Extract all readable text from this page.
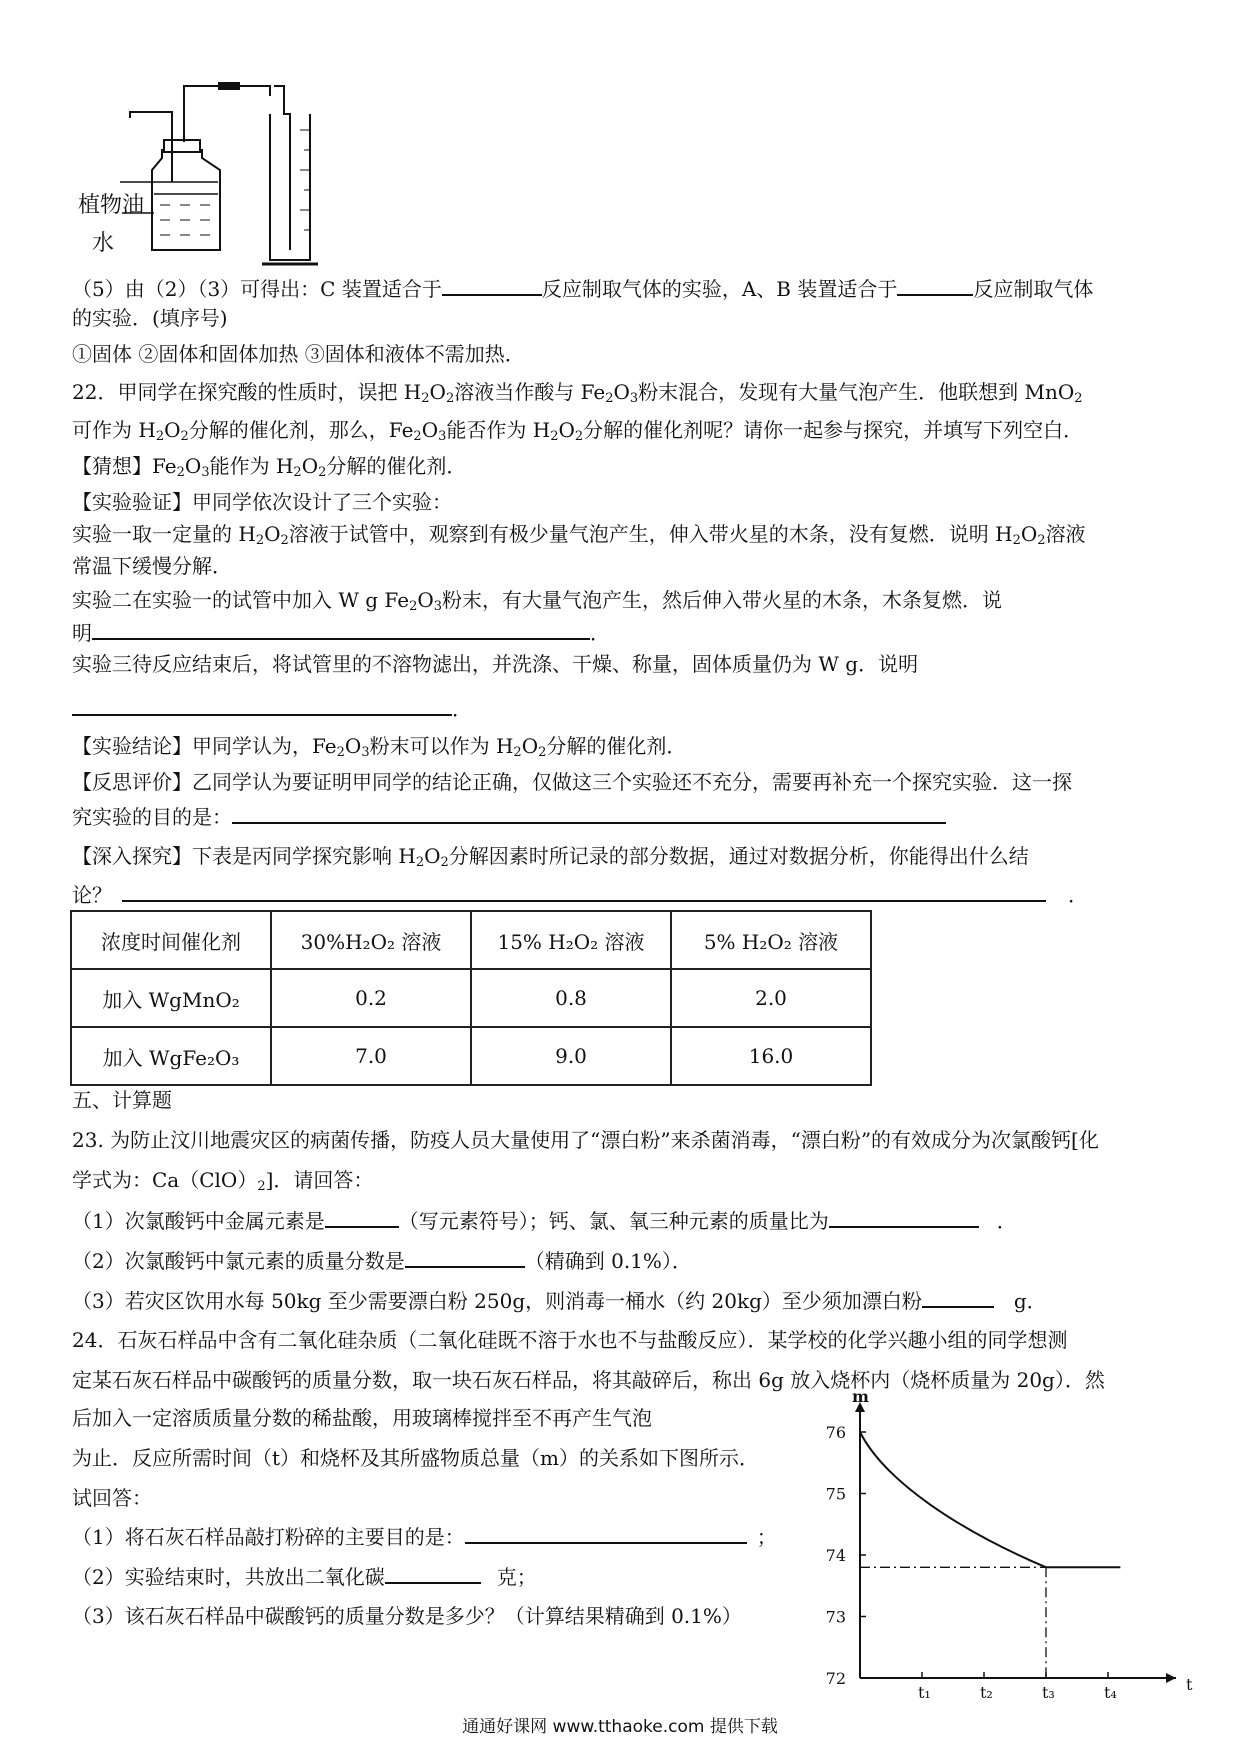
植物油
水
（5）由（2）（3）可得出：C 装置适合于	反应制取气体的实验，A、B 装置适合于	反应制取气体
的实验．(填序号)
①固体 ②固体和固体加热 ③固体和液体不需加热．
22．甲同学在探究酸的性质时，误把 $H_2O_2$溶液当作酸与 $Fe_2O_3$粉末混合，发现有大量气泡产生．他联想到 MnO$_2$
可作为 $H_2O_2$分解的催化剂，那么，$Fe_2O_3$能否作为 $H_2O_2$分解的催化剂呢？请你一起参与探究，并填写下列空白．
【猜想】$Fe_2O_3$能作为 $H_2O_2$分解的催化剂．
【实验验证】甲同学依次设计了三个实验：
实验一取一定量的 $H_2O_2$溶液于试管中，观察到有极少量气泡产生，伸入带火星的木条，没有复燃．说明 $H_2O_2$溶液
常温下缓慢分解．
实验二在实验一的试管中加入 W g $Fe_2O_3$粉末，有大量气泡产生，然后伸入带火星的木条，木条复燃．说
明	．
实验三待反应结束后，将试管里的不溶物滤出，并洗涤、干燥、称量，固体质量仍为 W g．说明
．
【实验结论】甲同学认为，$Fe_2O_3$粉末可以作为 $H_2O_2$分解的催化剂．
【反思评价】乙同学认为要证明甲同学的结论正确，仅做这三个实验还不充分，需要再补充一个探究实验．这一探
究实验的目的是：
【深入探究】下表是丙同学探究影响 $H_2O_2$分解因素时所记录的部分数据，通过对数据分析，你能得出什么结
论？	．
浓度时间催化剂	30%H₂O₂ 溶液	15% H₂O₂ 溶液	5% H₂O₂ 溶液
加入 WgMnO₂	0.2	0.8	2.0
加入 WgFe₂O₃	7.0	9.0	16.0
五、计算题
23. 为防止汶川地震灾区的病菌传播，防疫人员大量使用了“漂白粉”来杀菌消毒，“漂白粉”的有效成分为次氯酸钙[化
学式为：$Ca(ClO)_2$]．请回答：
（1）次氯酸钙中金属元素是	（写元素符号）；钙、氯、氧三种元素的质量比为	．
（2）次氯酸钙中氯元素的质量分数是	（精确到 0.1%）．
（3）若灾区饮用水每 50kg 至少需要漂白粉 250g，则消毒一桶水（约 20kg）至少须加漂白粉	g．
24．石灰石样品中含有二氧化硅杂质（二氧化硅既不溶于水也不与盐酸反应）．某学校的化学兴趣小组的同学想测
定某石灰石样品中碳酸钙的质量分数，取一块石灰石样品，将其敲碎后，称出 6g 放入烧杯内（烧杯质量为 20g）．然
后加入一定溶质质量分数的稀盐酸，用玻璃棒搅拌至不再产生气泡
为止．反应所需时间（t）和烧杯及其所盛物质总量（m）的关系如下图所示．
试回答：
（1）将石灰石样品敲打粉碎的主要目的是：	；
（2）实验结束时，共放出二氧化碳	克；
（3）该石灰石样品中碳酸钙的质量分数是多少？（计算结果精确到 0.1%）
m
t
72
73
74
75
76
t₁	t₂	t₃	t₄
通通好课网 www.tthaoke.com 提供下载
